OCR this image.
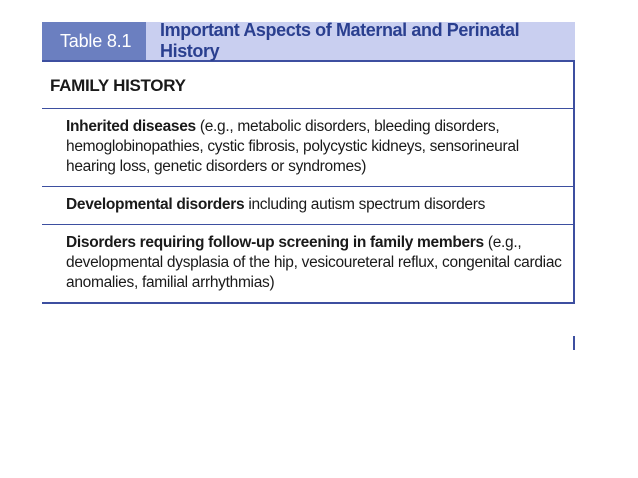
Table 8.1
Important Aspects of Maternal and Perinatal History
FAMILY HISTORY
Inherited diseases (e.g., metabolic disorders, bleeding disorders, hemoglobinopathies, cystic fibrosis, polycystic kidneys, sensorineural hearing loss, genetic disorders or syndromes)
Developmental disorders including autism spectrum disorders
Disorders requiring follow-up screening in family members (e.g., developmental dysplasia of the hip, vesicoureteral reflux, congenital cardiac anomalies, familial arrhythmias)
